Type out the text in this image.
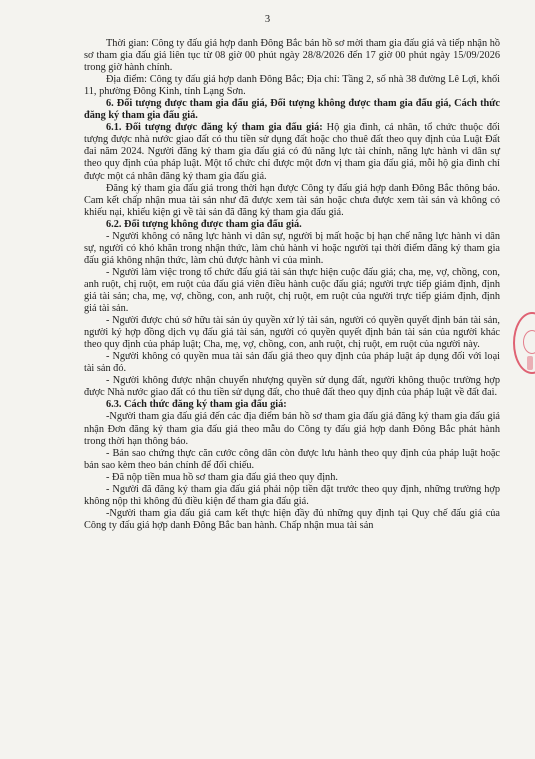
3

Thời gian: Công ty đấu giá hợp danh Đông Bắc bán hồ sơ mời tham gia đấu giá và tiếp nhận hồ sơ tham gia đấu giá liên tục từ 08 giờ 00 phút ngày 28/8/2026 đến 17 giờ 00 phút ngày 15/09/2026 trong giờ hành chính.

Địa điểm: Công ty đấu giá hợp danh Đông Bắc; Địa chỉ: Tầng 2, số nhà 38 đường Lê Lợi, khối 11, phường Đông Kinh, tỉnh Lạng Sơn.

6. Đối tượng được tham gia đấu giá, Đối tượng không được tham gia đấu giá, Cách thức đăng ký tham gia đấu giá.

6.1. Đối tượng được đăng ký tham gia đấu giá: Hộ gia đình, cá nhân, tổ chức thuộc đối tượng được nhà nước giao đất có thu tiền sử dụng đất hoặc cho thuê đất theo quy định của Luật Đất đai năm 2024. Người đăng ký tham gia đấu giá có đủ năng lực tài chính, năng lực hành vi dân sự theo quy định của pháp luật. Một tổ chức chỉ được một đơn vị tham gia đấu giá, mỗi hộ gia đình chỉ được một cá nhân đăng ký tham gia đấu giá.

Đăng ký tham gia đấu giá trong thời hạn được Công ty đấu giá hợp danh Đông Bắc thông báo. Cam kết chấp nhận mua tài sản như đã được xem tài sản hoặc chưa được xem tài sản và không có khiếu nại, khiếu kiện gì về tài sản đã đăng ký tham gia đấu giá.

6.2. Đối tượng không được tham gia đấu giá.

- Người không có năng lực hành vi dân sự, người bị mất hoặc bị hạn chế năng lực hành vi dân sự, người có khó khăn trong nhận thức, làm chủ hành vi hoặc người tại thời điểm đăng ký tham gia đấu giá không nhận thức, làm chủ được hành vi của mình.

- Người làm việc trong tổ chức đấu giá tài sản thực hiện cuộc đấu giá; cha, mẹ, vợ, chồng, con, anh ruột, chị ruột, em ruột của đấu giá viên điều hành cuộc đấu giá; người trực tiếp giám định, định giá tài sản; cha, mẹ, vợ, chồng, con, anh ruột, chị ruột, em ruột của người trực tiếp giám định, định giá tài sản.

- Người được chủ sở hữu tài sản ủy quyền xử lý tài sản, người có quyền quyết định bán tài sản, người ký hợp đồng dịch vụ đấu giá tài sản, người có quyền quyết định bán tài sản của người khác theo quy định của pháp luật; Cha, mẹ, vợ, chồng, con, anh ruột, chị ruột, em ruột của người này.

- Người không có quyền mua tài sản đấu giá theo quy định của pháp luật áp dụng đối với loại tài sản đó.

- Người không được nhận chuyển nhượng quyền sử dụng đất, người không thuộc trường hợp được Nhà nước giao đất có thu tiền sử dụng đất, cho thuê đất theo quy định của pháp luật về đất đai.

6.3. Cách thức đăng ký tham gia đấu giá:

-Người tham gia đấu giá đến các địa điểm bán hồ sơ tham gia đấu giá đăng ký tham gia đấu giá nhận Đơn đăng ký tham gia đấu giá theo mẫu do Công ty đấu giá hợp danh Đông Bắc phát hành trong thời hạn thông báo.

- Bản sao chứng thực căn cước công dân còn được lưu hành theo quy định của pháp luật hoặc bản sao kèm theo bản chính để đối chiếu.

- Đã nộp tiền mua hồ sơ tham gia đấu giá theo quy định.

- Người đã đăng ký tham gia đấu giá phải nộp tiền đặt trước theo quy định, những trường hợp không nộp thì không đủ điều kiện để tham gia đấu giá.

-Người tham gia đấu giá cam kết thực hiện đầy đủ những quy định tại Quy chế đấu giá của Công ty đấu giá hợp danh Đông Bắc ban hành. Chấp nhận mua tài sản
